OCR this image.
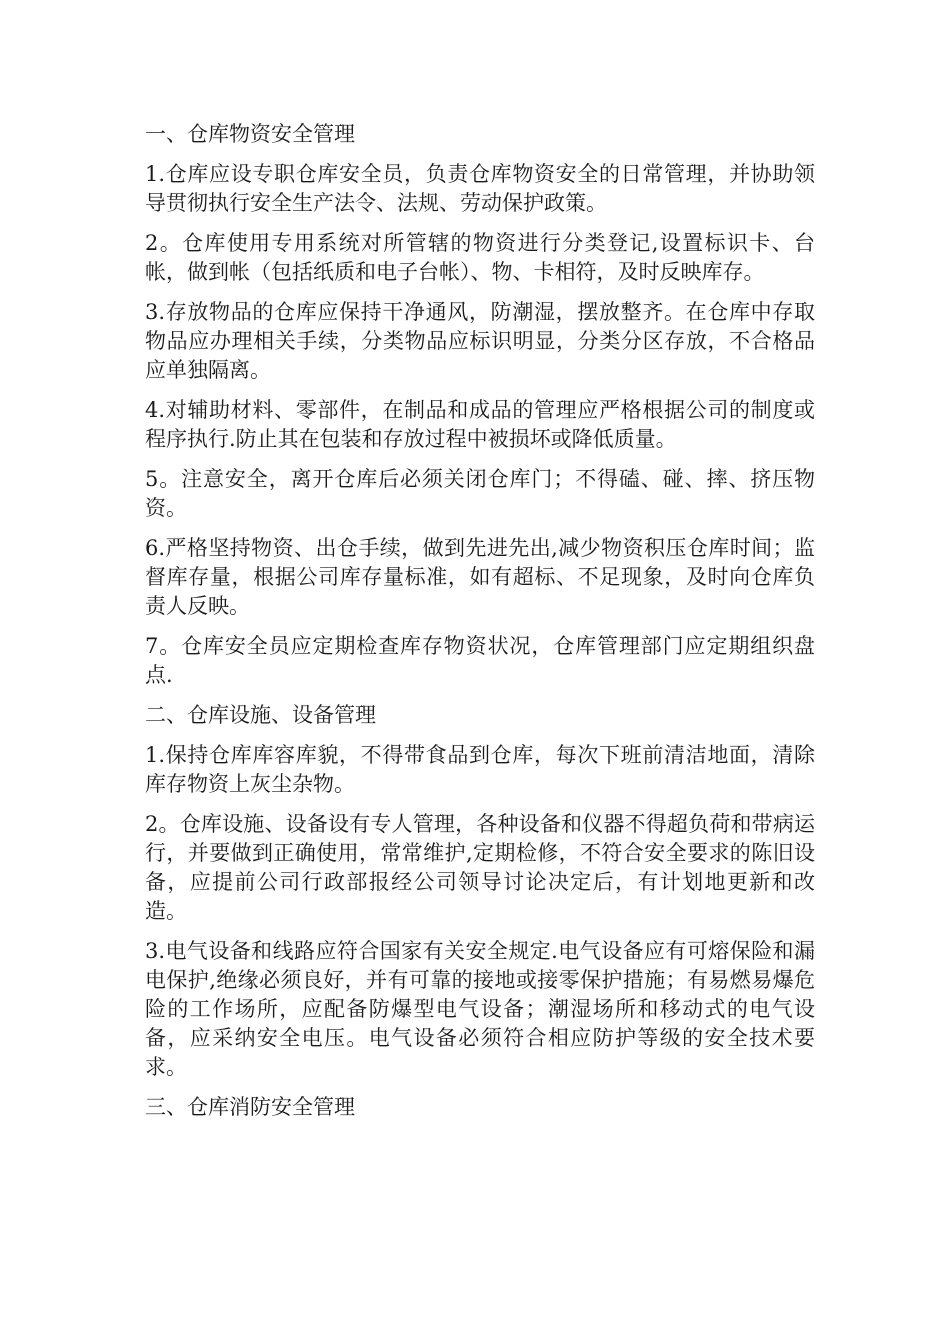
一、仓库物资安全管理

1.仓库应设专职仓库安全员，负责仓库物资安全的日常管理，并协助领导贯彻执行安全生产法令、法规、劳动保护政策。

2。仓库使用专用系统对所管辖的物资进行分类登记,设置标识卡、台帐，做到帐（包括纸质和电子台帐）、物、卡相符，及时反映库存。

3.存放物品的仓库应保持干净通风，防潮湿，摆放整齐。在仓库中存取物品应办理相关手续，分类物品应标识明显，分类分区存放，不合格品应单独隔离。

4.对辅助材料、零部件，在制品和成品的管理应严格根据公司的制度或程序执行.防止其在包装和存放过程中被损坏或降低质量。

5。注意安全，离开仓库后必须关闭仓库门；不得磕、碰、摔、挤压物资。

6.严格坚持物资、出仓手续，做到先进先出,减少物资积压仓库时间；监督库存量，根据公司库存量标准，如有超标、不足现象，及时向仓库负责人反映。

7。仓库安全员应定期检查库存物资状况，仓库管理部门应定期组织盘点.

二、仓库设施、设备管理

1.保持仓库库容库貌，不得带食品到仓库，每次下班前清洁地面，清除库存物资上灰尘杂物。

2。仓库设施、设备设有专人管理，各种设备和仪器不得超负荷和带病运行，并要做到正确使用，常常维护,定期检修，不符合安全要求的陈旧设备，应提前公司行政部报经公司领导讨论决定后，有计划地更新和改造。

3.电气设备和线路应符合国家有关安全规定.电气设备应有可熔保险和漏电保护,绝缘必须良好，并有可靠的接地或接零保护措施；有易燃易爆危险的工作场所，应配备防爆型电气设备；潮湿场所和移动式的电气设备，应采纳安全电压。电气设备必须符合相应防护等级的安全技术要求。

三、仓库消防安全管理
